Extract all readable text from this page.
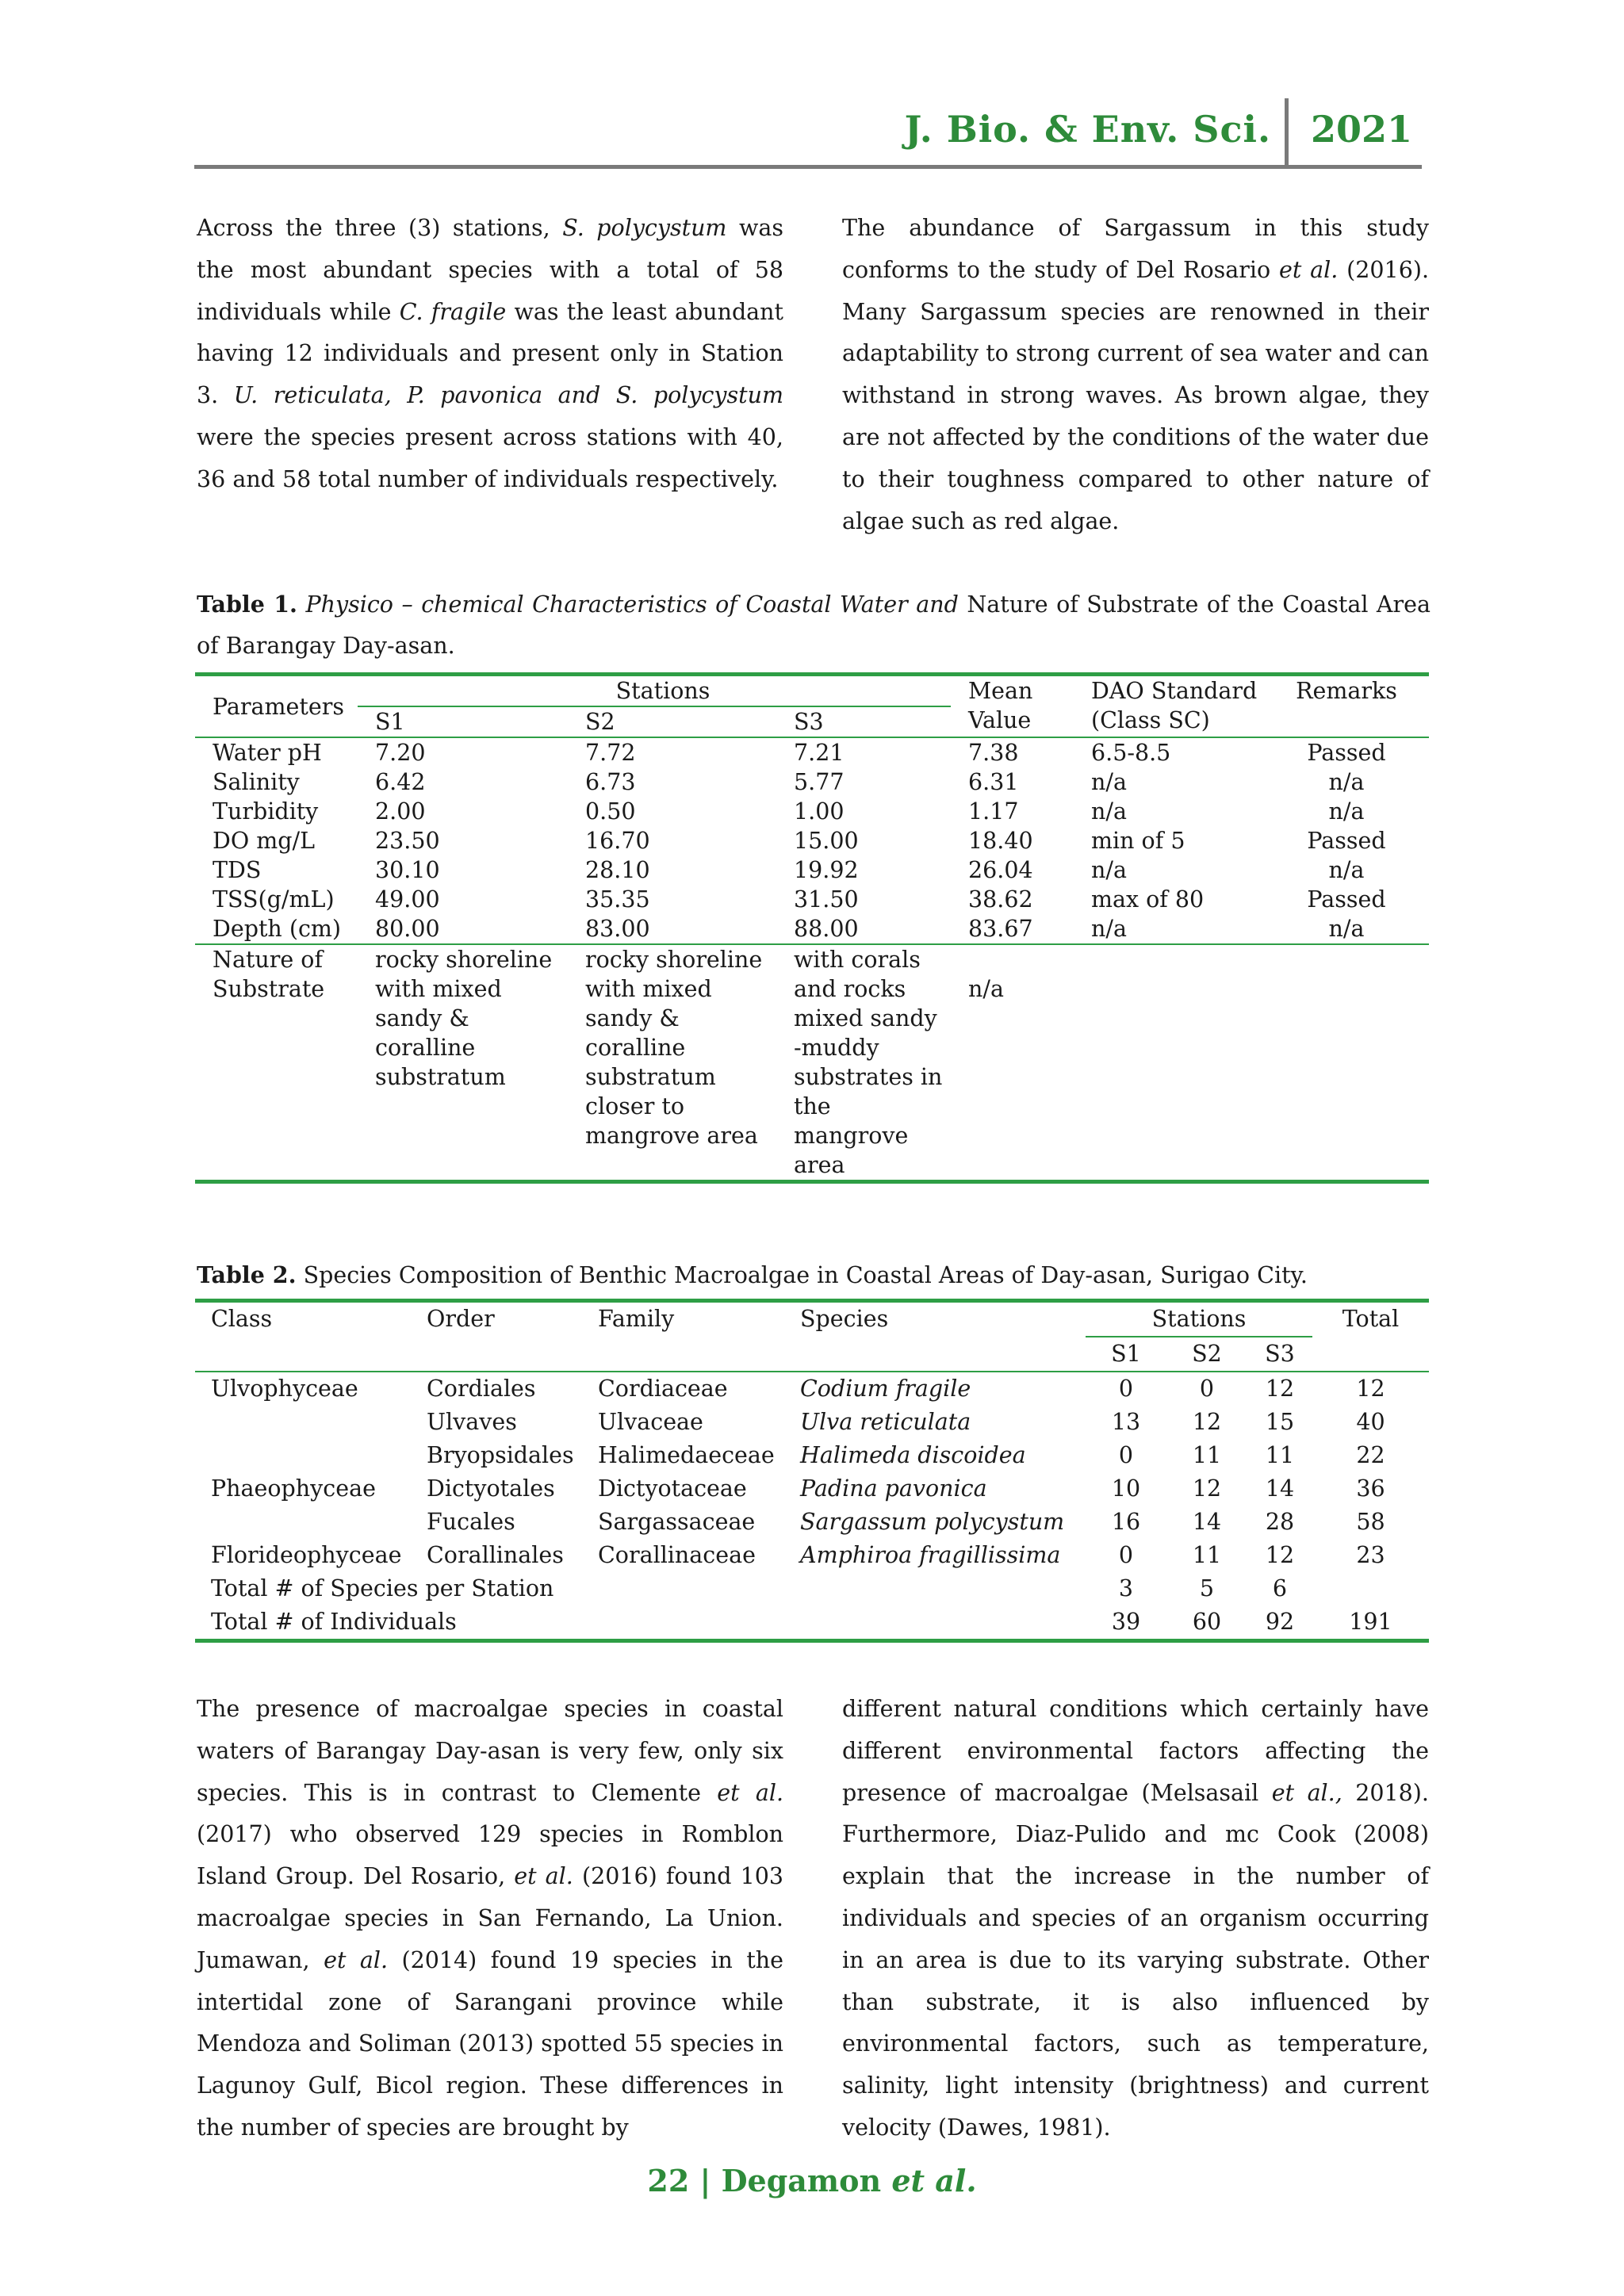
J. Bio. & Env. Sci. 2021

Across the three (3) stations, S. polycystum was the most abundant species with a total of 58 individuals while C. fragile was the least abundant having 12 individuals and present only in Station 3. U. reticulata, P. pavonica and S. polycystum were the species present across stations with 40, 36 and 58 total number of individuals respectively.

The abundance of Sargassum in this study conforms to the study of Del Rosario et al. (2016). Many Sargassum species are renowned in their adaptability to strong current of sea water and can withstand in strong waves. As brown algae, they are not affected by the conditions of the water due to their toughness compared to other nature of algae such as red algae.

Table 1. Physico – chemical Characteristics of Coastal Water and Nature of Substrate of the Coastal Area of Barangay Day-asan.
Parameters	Stations			Mean Value	DAO Standard (Class SC)	Remarks
	S1	S2	S3			
Water pH	7.20	7.72	7.21	7.38	6.5-8.5	Passed
Salinity	6.42	6.73	5.77	6.31	n/a	n/a
Turbidity	2.00	0.50	1.00	1.17	n/a	n/a
DO mg/L	23.50	16.70	15.00	18.40	min of 5	Passed
TDS	30.10	28.10	19.92	26.04	n/a	n/a
TSS(g/mL)	49.00	35.35	31.50	38.62	max of 80	Passed
Depth (cm)	80.00	83.00	88.00	83.67	n/a	n/a
Nature of Substrate	rocky shoreline with mixed sandy & coralline substratum	rocky shoreline with mixed sandy & coralline substratum closer to mangrove area	with corals and rocks mixed sandy -muddy substrates in the mangrove area	n/a		
Table 2. Species Composition of Benthic Macroalgae in Coastal Areas of Day-asan, Surigao City.
Class	Order	Family	Species	Stations			Total
				S1	S2	S3	
Ulvophyceae	Cordiales	Cordiaceae	Codium fragile	0	0	12	12
	Ulvaves	Ulvaceae	Ulva reticulata	13	12	15	40
	Bryopsidales	Halimedaeceae	Halimeda discoidea	0	11	11	22
Phaeophyceae	Dictyotales	Dictyotaceae	Padina pavonica	10	12	14	36
	Fucales	Sargassaceae	Sargassum polycystum	16	14	28	58
Florideophyceae	Corallinales	Corallinaceae	Amphiroa fragillissima	0	11	12	23
Total # of Species per Station				3	5	6	
Total # of Individuals				39	60	92	191

The presence of macroalgae species in coastal waters of Barangay Day-asan is very few, only six species. This is in contrast to Clemente et al. (2017) who observed 129 species in Romblon Island Group. Del Rosario, et al. (2016) found 103 macroalgae species in San Fernando, La Union. Jumawan, et al. (2014) found 19 species in the intertidal zone of Sarangani province while Mendoza and Soliman (2013) spotted 55 species in Lagunoy Gulf, Bicol region. These differences in the number of species are brought by

different natural conditions which certainly have different environmental factors affecting the presence of macroalgae (Melsasail et al., 2018). Furthermore, Diaz-Pulido and mc Cook (2008) explain that the increase in the number of individuals and species of an organism occurring in an area is due to its varying substrate. Other than substrate, it is also influenced by environmental factors, such as temperature, salinity, light intensity (brightness) and current velocity (Dawes, 1981).

22 | Degamon et al.
